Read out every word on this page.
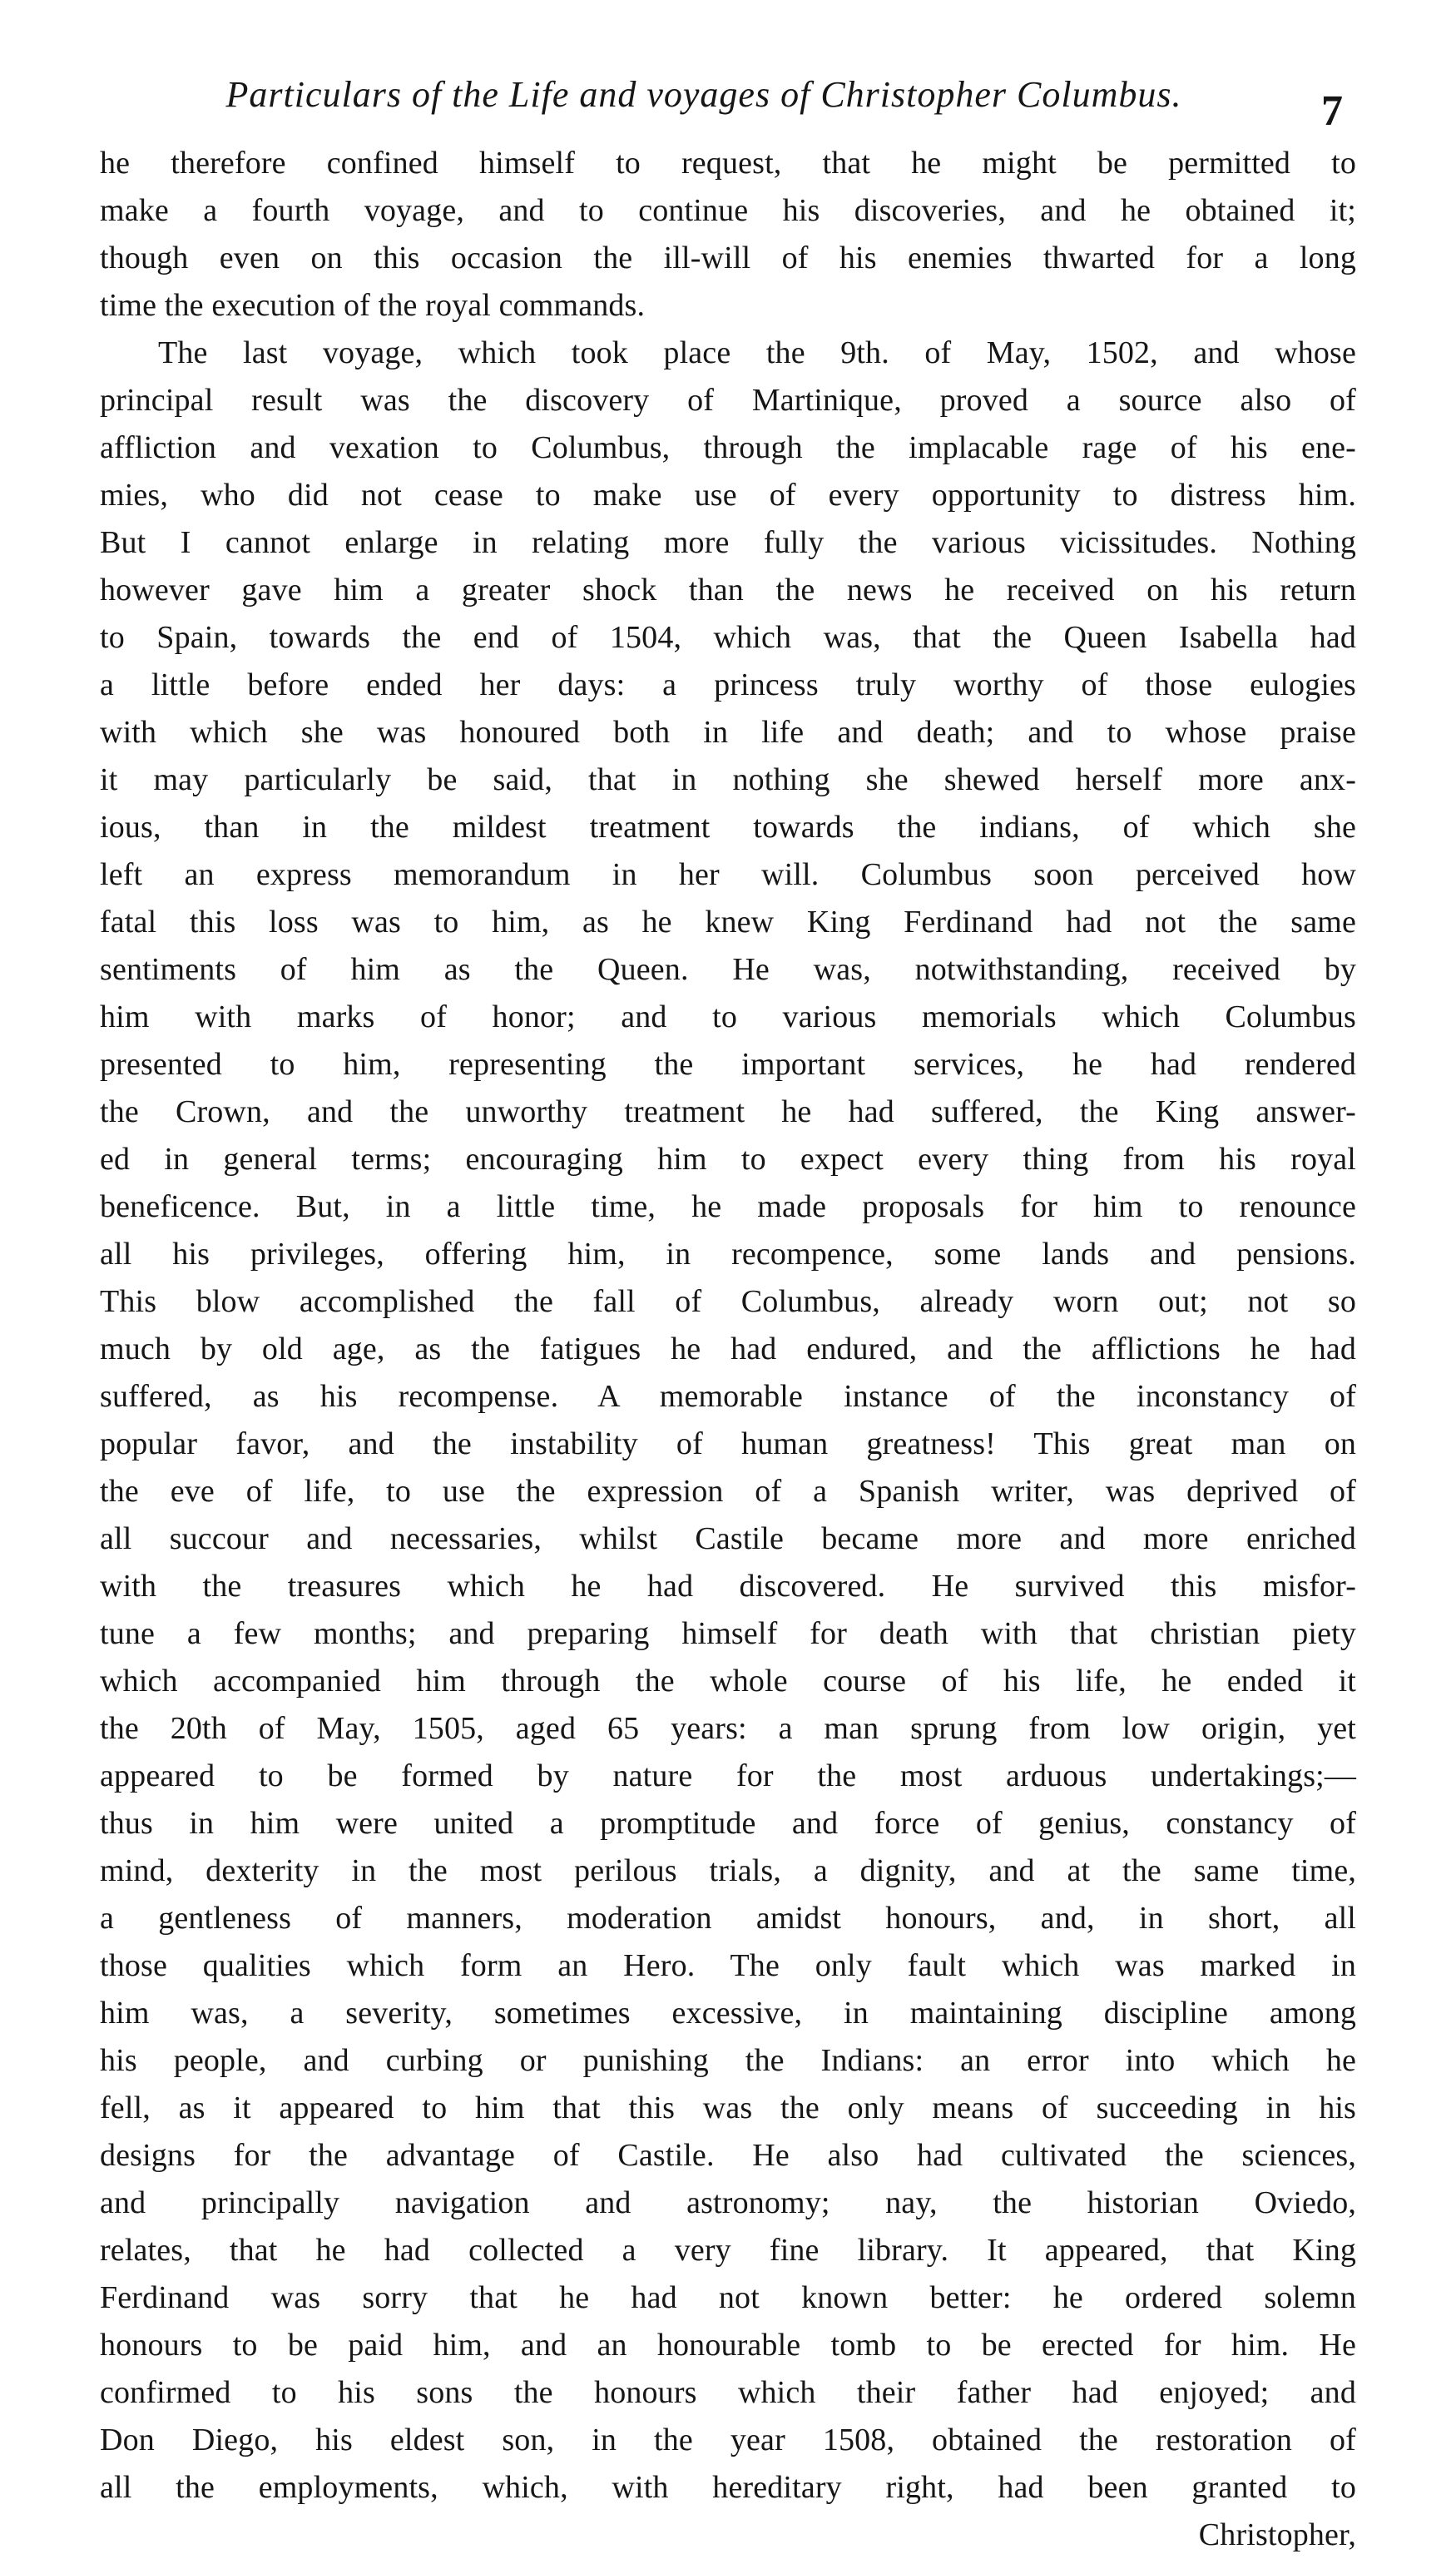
Particulars of the Life and voyages of Christopher Columbus.	7
he therefore confined himself to request, that he might be permitted to
make a fourth voyage, and to continue his discoveries, and he obtained it;
though even on this occasion the ill-will of his enemies thwarted for a long
time the execution of the royal commands.
The last voyage, which took place the 9th. of May, 1502, and whose
principal result was the discovery of Martinique, proved a source also of
affliction and vexation to Columbus, through the implacable rage of his ene-
mies, who did not cease to make use of every opportunity to distress him.
But I cannot enlarge in relating more fully the various vicissitudes. Nothing
however gave him a greater shock than the news he received on his return
to Spain, towards the end of 1504, which was, that the Queen Isabella had
a little before ended her days: a princess truly worthy of those eulogies
with which she was honoured both in life and death; and to whose praise
it may particularly be said, that in nothing she shewed herself more anx-
ious, than in the mildest treatment towards the indians, of which she
left an express memorandum in her will. Columbus soon perceived how
fatal this loss was to him, as he knew King Ferdinand had not the same
sentiments of him as the Queen. He was, notwithstanding, received by
him with marks of honor; and to various memorials which Columbus
presented to him, representing the important services, he had rendered
the Crown, and the unworthy treatment he had suffered, the King answer-
ed in general terms; encouraging him to expect every thing from his royal
beneficence. But, in a little time, he made proposals for him to renounce
all his privileges, offering him, in recompence, some lands and pensions.
This blow accomplished the fall of Columbus, already worn out; not so
much by old age, as the fatigues he had endured, and the afflictions he had
suffered, as his recompense. A memorable instance of the inconstancy of
popular favor, and the instability of human greatness! This great man on
the eve of life, to use the expression of a Spanish writer, was deprived of
all succour and necessaries, whilst Castile became more and more enriched
with the treasures which he had discovered. He survived this misfor-
tune a few months; and preparing himself for death with that christian piety
which accompanied him through the whole course of his life, he ended it
the 20th of May, 1505, aged 65 years: a man sprung from low origin, yet
appeared to be formed by nature for the most arduous undertakings;—
thus in him were united a promptitude and force of genius, constancy of
mind, dexterity in the most perilous trials, a dignity, and at the same time,
a gentleness of manners, moderation amidst honours, and, in short, all
those qualities which form an Hero. The only fault which was marked in
him was, a severity, sometimes excessive, in maintaining discipline among
his people, and curbing or punishing the Indians: an error into which he
fell, as it appeared to him that this was the only means of succeeding in his
designs for the advantage of Castile. He also had cultivated the sciences,
and principally navigation and astronomy; nay, the historian Oviedo,
relates, that he had collected a very fine library. It appeared, that King
Ferdinand was sorry that he had not known better: he ordered solemn
honours to be paid him, and an honourable tomb to be erected for him. He
confirmed to his sons the honours which their father had enjoyed; and
Don Diego, his eldest son, in the year 1508, obtained the restoration of
all the employments, which, with hereditary right, had been granted to
Christopher,
